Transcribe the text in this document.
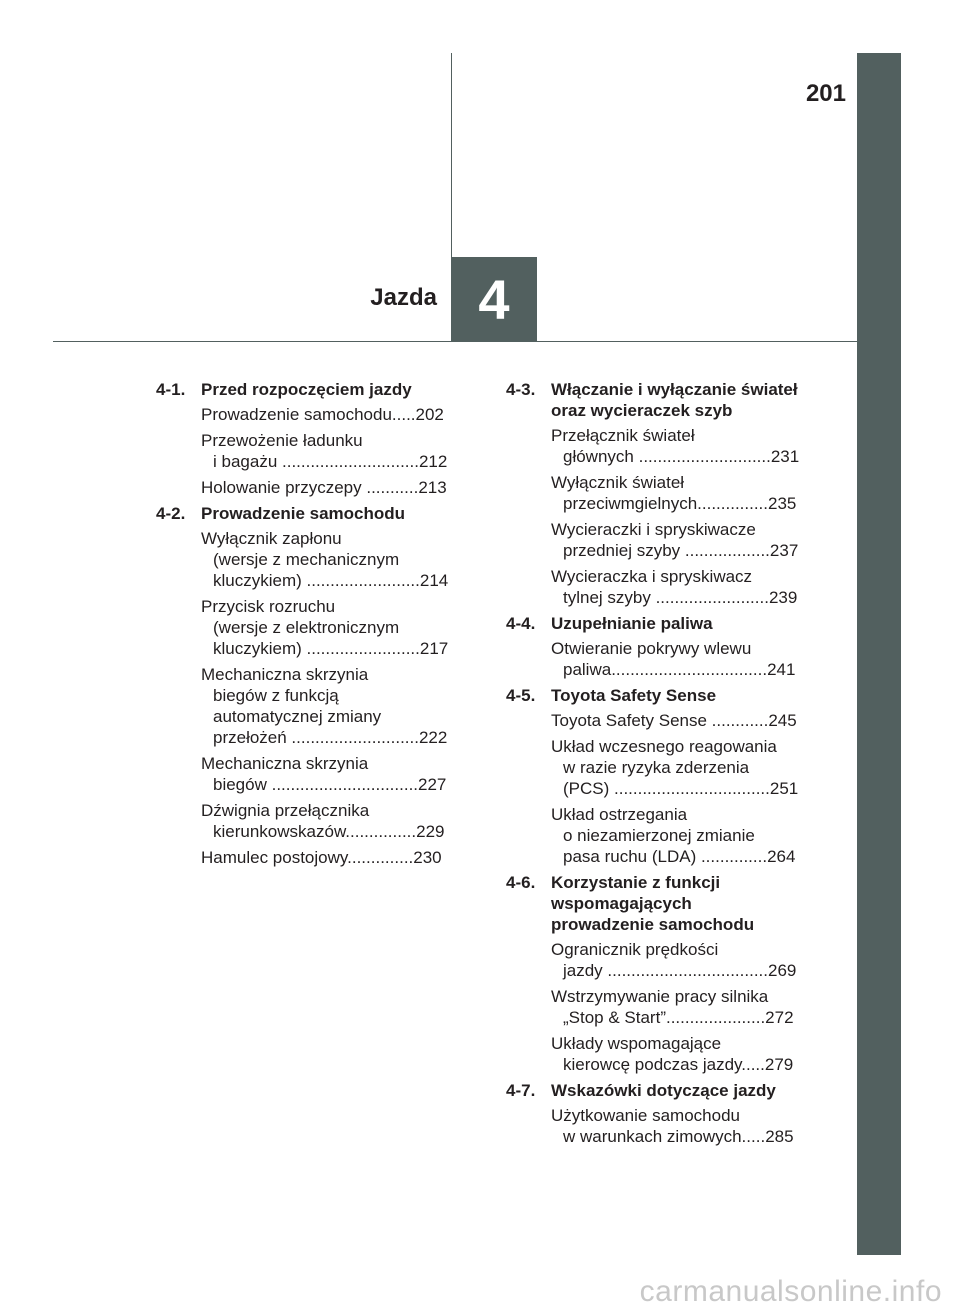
201
Jazda 4
4-1. Przed rozpoczęciem jazdy
Prowadzenie samochodu.....202
Przewożenie ładunku
i bagażu .............................212
Holowanie przyczepy ...........213
4-2. Prowadzenie samochodu
Wyłącznik zapłonu
(wersje z mechanicznym
kluczykiem) ........................214
Przycisk rozruchu
(wersje z elektronicznym
kluczykiem) ........................217
Mechaniczna skrzynia
biegów z funkcją
automatycznej zmiany
przełożeń ...........................222
Mechaniczna skrzynia
biegów ...............................227
Dźwignia przełącznika
kierunkowskazów...............229
Hamulec postojowy..............230
4-3. Włączanie i wyłączanie świateł
oraz wycieraczek szyb
Przełącznik świateł
głównych ............................231
Wyłącznik świateł
przeciwmgielnych...............235
Wycieraczki i spryskiwacze
przedniej szyby ..................237
Wycieraczka i spryskiwacz
tylnej szyby ........................239
4-4. Uzupełnianie paliwa
Otwieranie pokrywy wlewu
paliwa.................................241
4-5. Toyota Safety Sense
Toyota Safety Sense ............245
Układ wczesnego reagowania
w razie ryzyka zderzenia
(PCS) .................................251
Układ ostrzegania
o niezamierzonej zmianie
pasa ruchu (LDA) ..............264
4-6. Korzystanie z funkcji
wspomagających
prowadzenie samochodu
Ogranicznik prędkości
jazdy ..................................269
Wstrzymywanie pracy silnika
„Stop & Start”.....................272
Układy wspomagające
kierowcę podczas jazdy.....279
4-7. Wskazówki dotyczące jazdy
Użytkowanie samochodu
w warunkach zimowych.....285
carmanualsonline.info
